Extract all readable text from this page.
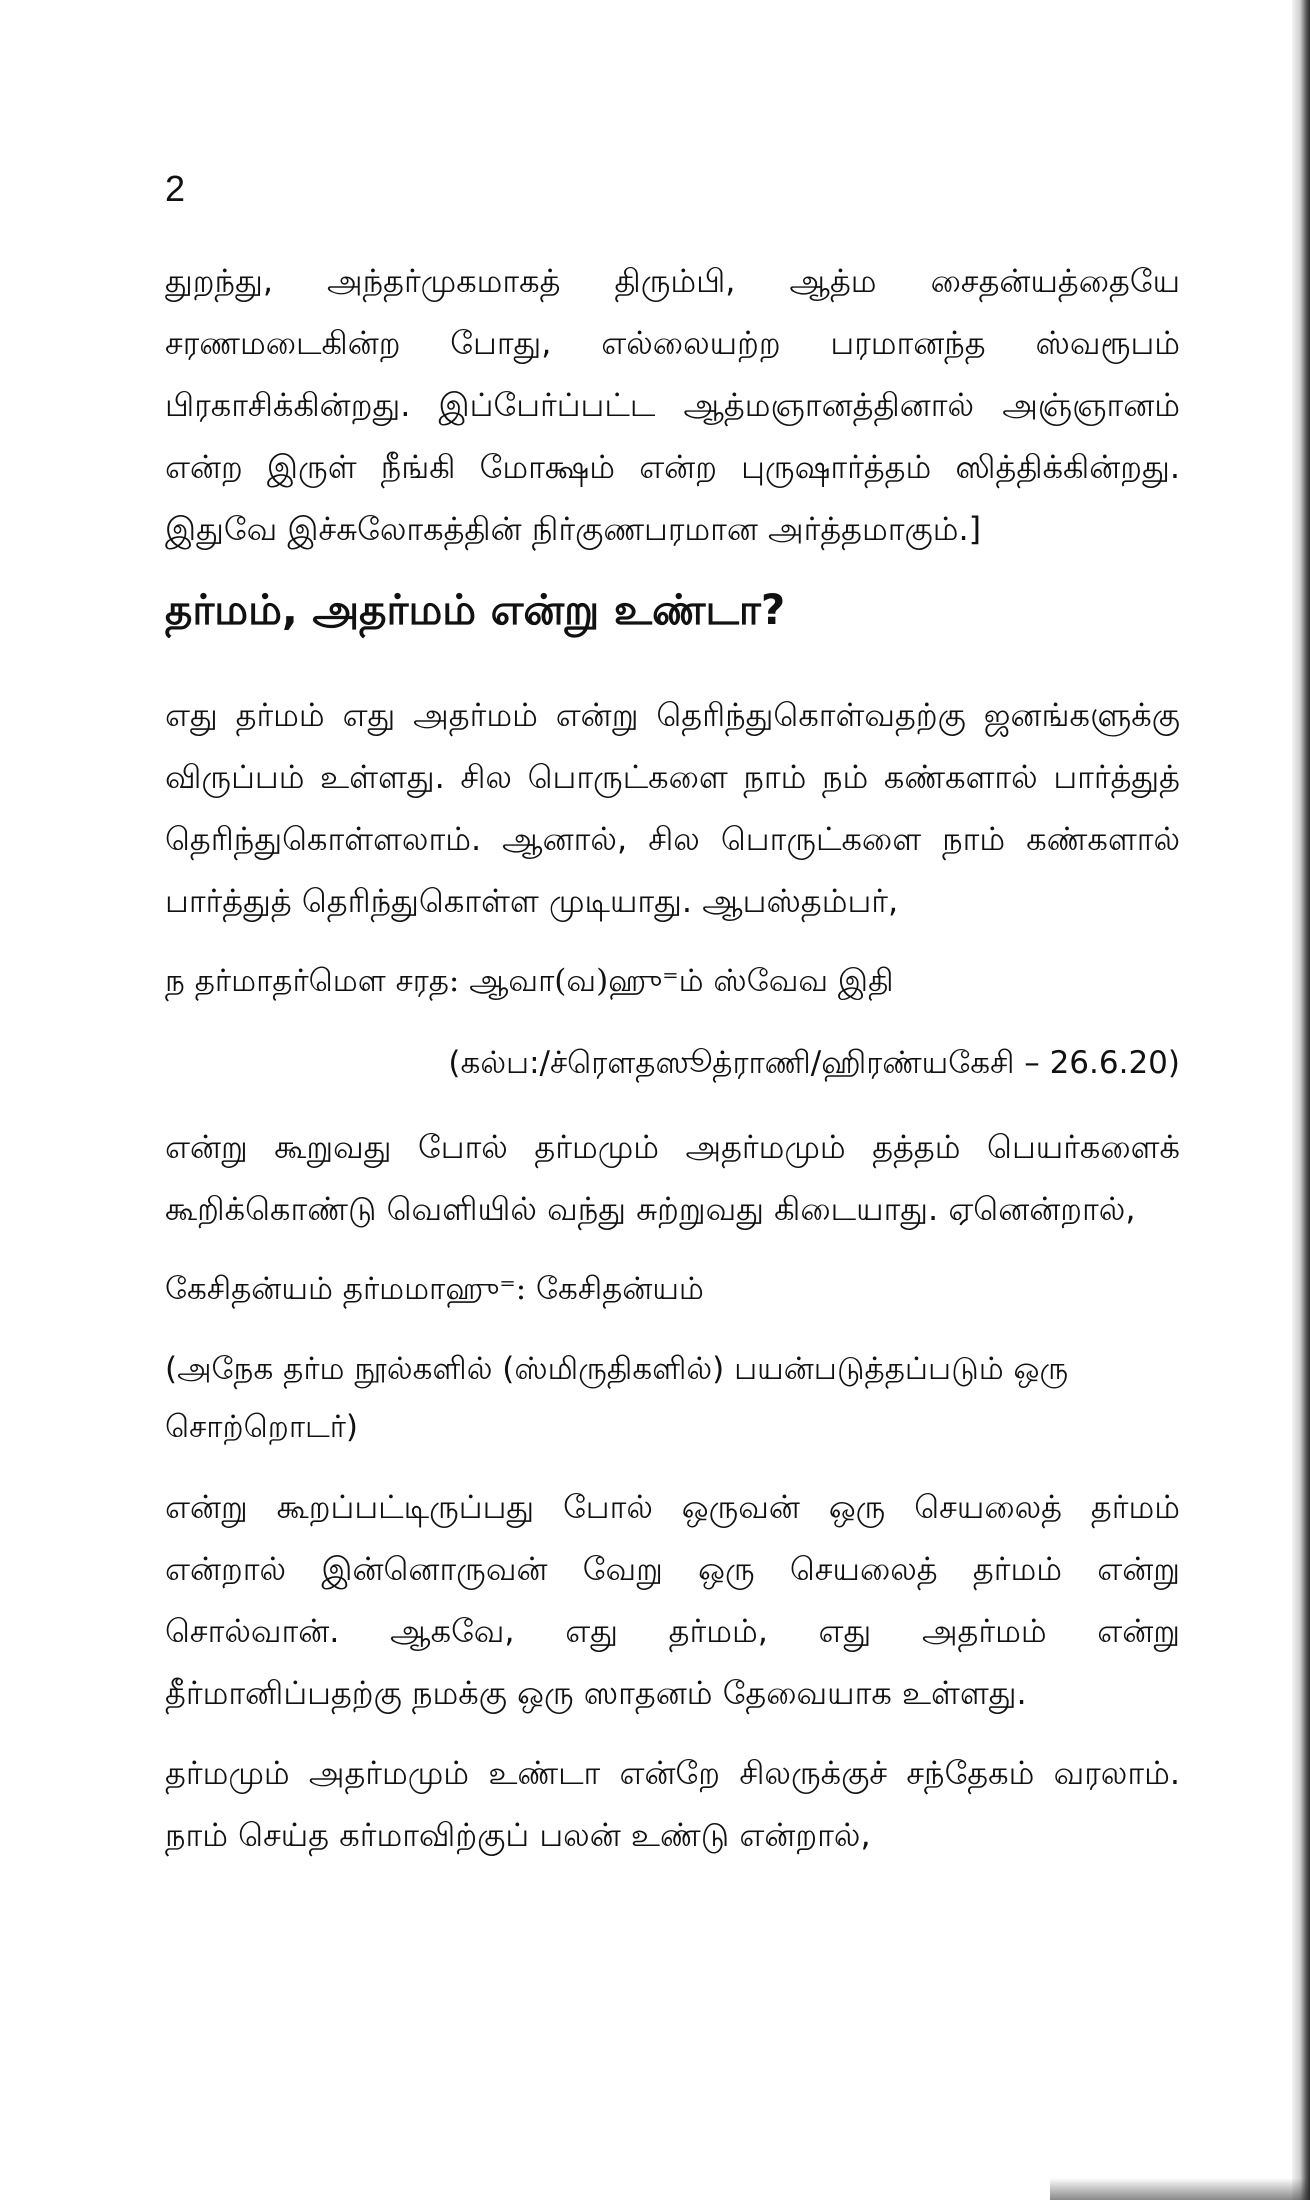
2

துறந்து, அந்தர்முகமாகத் திரும்பி, ஆத்ம சைதன்யத்தையே சரணமடைகின்ற போது, எல்லையற்ற பரமானந்த ஸ்வரூபம் பிரகாசிக்கின்றது. இப்பேர்ப்பட்ட ஆத்மஞானத்தினால் அஞ்ஞானம் என்ற இருள் நீங்கி மோக்ஷம் என்ற புருஷார்த்தம் ஸித்திக்கின்றது. இதுவே இச்சுலோகத்தின் நிர்குணபரமான அர்த்தமாகும்.]

தர்மம், அதர்மம் என்று உண்டா?

எது தர்மம் எது அதர்மம் என்று தெரிந்துகொள்வதற்கு ஜனங்களுக்கு விருப்பம் உள்ளது. சில பொருட்களை நாம் நம் கண்களால் பார்த்துத் தெரிந்துகொள்ளலாம். ஆனால், சில பொருட்களை நாம் கண்களால் பார்த்துத் தெரிந்துகொள்ள முடியாது. ஆபஸ்தம்பர்,

ந தர்மாதர்மௌ சரத: ஆவா(வ)ஹு⁼ம் ஸ்வேவ இதி
(கல்ப:/ச்ரௌதஸூத்ராணி/ஹிரண்யகேசி – 26.6.20)

என்று கூறுவது போல் தர்மமும் அதர்மமும் தத்தம் பெயர்களைக் கூறிக்கொண்டு வெளியில் வந்து சுற்றுவது கிடையாது. ஏனென்றால்,

கேசிதன்யம் தர்மமாஹு⁼: கேசிதன்யம்

(அநேக தர்ம நூல்களில் (ஸ்மிருதிகளில்) பயன்படுத்தப்படும் ஒரு சொற்றொடர்)

என்று கூறப்பட்டிருப்பது போல் ஒருவன் ஒரு செயலைத் தர்மம் என்றால் இன்னொருவன் வேறு ஒரு செயலைத் தர்மம் என்று சொல்வான். ஆகவே, எது தர்மம், எது அதர்மம் என்று தீர்மானிப்பதற்கு நமக்கு ஒரு ஸாதனம் தேவையாக உள்ளது.

தர்மமும் அதர்மமும் உண்டா என்றே சிலருக்குச் சந்தேகம் வரலாம். நாம் செய்த கர்மாவிற்குப் பலன் உண்டு என்றால்,
